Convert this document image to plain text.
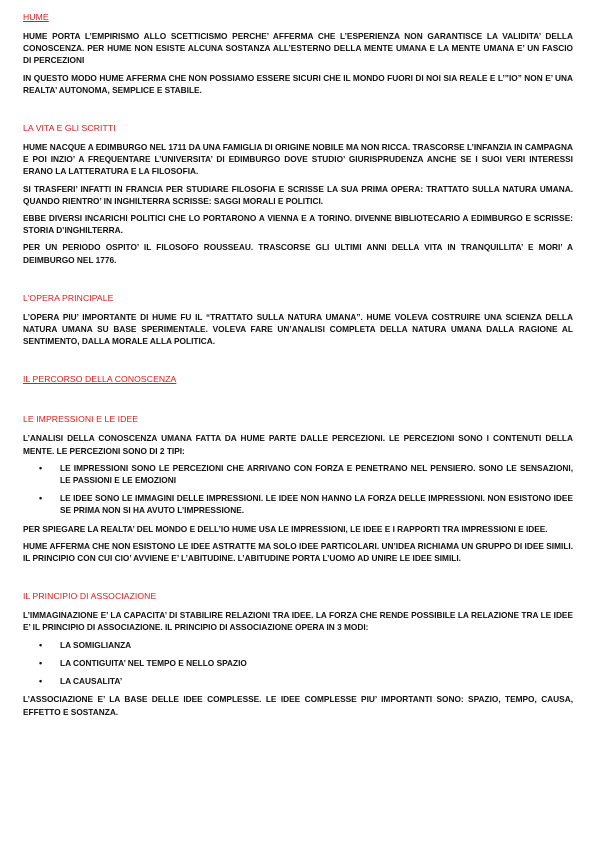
HUME

HUME PORTA L’EMPIRISMO ALLO SCETTICISMO PERCHE’ AFFERMA CHE L’ESPERIENZA NON GARANTISCE LA VALIDITA’ DELLA CONOSCENZA. PER HUME NON ESISTE ALCUNA SOSTANZA ALL’ESTERNO DELLA MENTE UMANA E LA MENTE UMANA E’ UN FASCIO DI PERCEZIONI

IN QUESTO MODO HUME AFFERMA CHE NON POSSIAMO ESSERE SICURI CHE IL MONDO FUORI DI NOI SIA REALE E L’”IO” NON E’ UNA REALTA’ AUTONOMA, SEMPLICE E STABILE.

LA VITA E GLI SCRITTI

HUME NACQUE A EDIMBURGO NEL 1711 DA UNA FAMIGLIA DI ORIGINE NOBILE MA NON RICCA. TRASCORSE L’INFANZIA IN CAMPAGNA E POI INZIO’ A FREQUENTARE L’UNIVERSITA’ DI EDIMBURGO DOVE STUDIO’ GIURISPRUDENZA ANCHE SE I SUOI VERI INTERESSI ERANO LA LATTERATURA E LA FILOSOFIA.

SI TRASFERI’ INFATTI IN FRANCIA PER STUDIARE FILOSOFIA E SCRISSE LA SUA PRIMA OPERA: TRATTATO SULLA NATURA UMANA. QUANDO RIENTRO’ IN INGHILTERRA SCRISSE: SAGGI MORALI E POLITICI.

EBBE DIVERSI INCARICHI POLITICI CHE LO PORTARONO A VIENNA E A TORINO. DIVENNE BIBLIOTECARIO A EDIMBURGO E SCRISSE: STORIA D’INGHILTERRA.

PER UN PERIODO OSPITO’ IL FILOSOFO ROUSSEAU. TRASCORSE GLI ULTIMI ANNI DELLA VITA IN TRANQUILLITA’ E MORI’ A DEIMBURGO NEL 1776.

L’OPERA PRINCIPALE

L’OPERA PIU’ IMPORTANTE DI HUME FU IL “TRATTATO SULLA NATURA UMANA”. HUME VOLEVA COSTRUIRE UNA SCIENZA DELLA NATURA UMANA SU BASE SPERIMENTALE. VOLEVA FARE UN’ANALISI COMPLETA DELLA NATURA UMANA DALLA RAGIONE AL SENTIMENTO, DALLA MORALE ALLA POLITICA.

IL PERCORSO DELLA CONOSCENZA
LE IMPRESSIONI E LE IDEE

L’ANALISI DELLA CONOSCENZA UMANA FATTA DA HUME PARTE DALLE PERCEZIONI. LE PERCEZIONI SONO I CONTENUTI DELLA MENTE. LE PERCEZIONI SONO DI 2 TIPI:

• LE IMPRESSIONI SONO LE PERCEZIONI CHE ARRIVANO CON FORZA E PENETRANO NEL PENSIERO. SONO LE SENSAZIONI, LE PASSIONI E LE EMOZIONI
• LE IDEE SONO LE IMMAGINI DELLE IMPRESSIONI. LE IDEE NON HANNO LA FORZA DELLE IMPRESSIONI. NON ESISTONO IDEE SE PRIMA NON SI HA AVUTO L’IMPRESSIONE.

PER SPIEGARE LA REALTA’ DEL MONDO E DELL’IO HUME USA LE IMPRESSIONI, LE IDEE E I RAPPORTI TRA IMPRESSIONI E IDEE.

HUME AFFERMA CHE NON ESISTONO LE IDEE ASTRATTE MA SOLO IDEE PARTICOLARI. UN’IDEA RICHIAMA UN GRUPPO DI IDEE SIMILI. IL PRINCIPIO CON CUI CIO’ AVVIENE E’ L’ABITUDINE. L’ABITUDINE PORTA L’UOMO AD UNIRE LE IDEE SIMILI.

IL PRINCIPIO DI ASSOCIAZIONE

L’IMMAGINAZIONE E’ LA CAPACITA’ DI STABILIRE RELAZIONI TRA IDEE. LA FORZA CHE RENDE POSSIBILE LA RELAZIONE TRA LE IDEE E’ IL PRINCIPIO DI ASSOCIAZIONE. IL PRINCIPIO DI ASSOCIAZIONE OPERA IN 3 MODI:

• LA SOMIGLIANZA
• LA CONTIGUITA’ NEL TEMPO E NELLO SPAZIO
• LA CAUSALITA’

L’ASSOCIAZIONE E’ LA BASE DELLE IDEE COMPLESSE. LE IDEE COMPLESSE PIU’ IMPORTANTI SONO: SPAZIO, TEMPO, CAUSA, EFFETTO E SOSTANZA.
